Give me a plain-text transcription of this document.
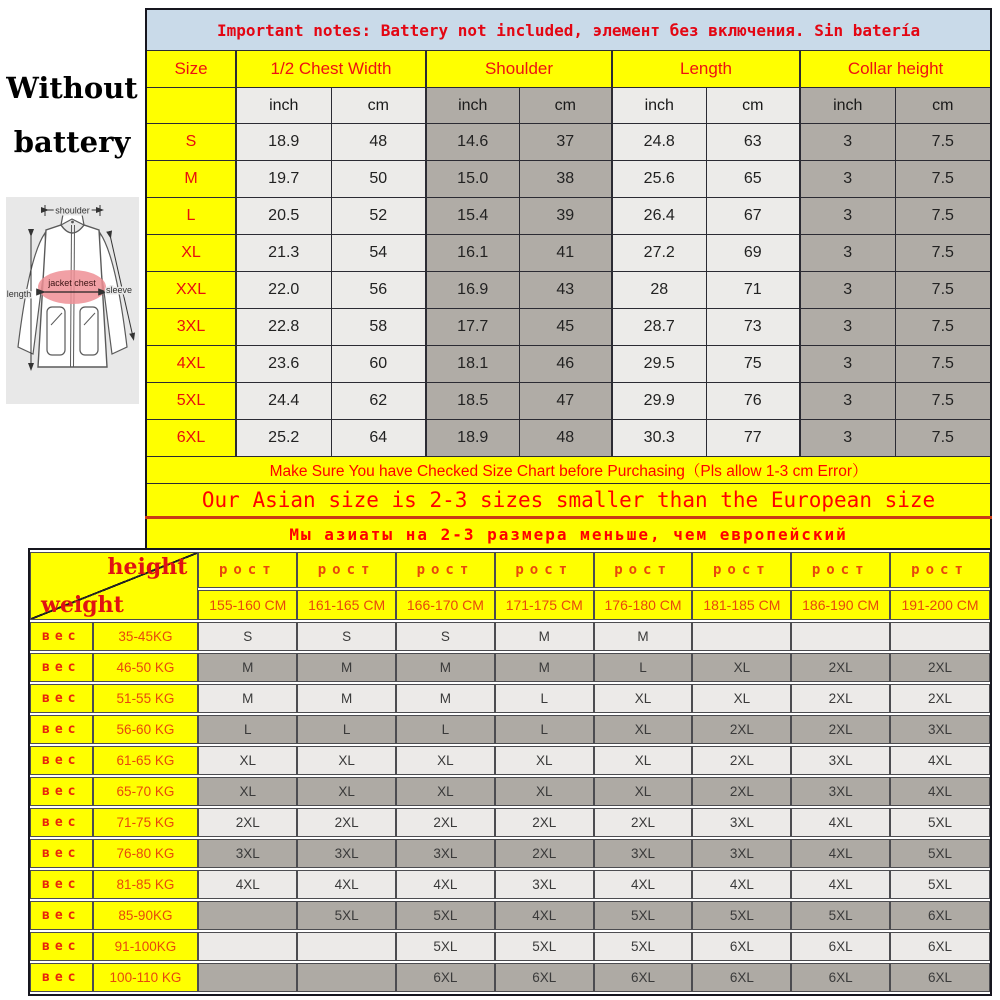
Without battery
jacket chest
shoulder
length	sleeve
Important notes: Battery not included, элемент без включения. Sin batería								
Size	1/2 Chest Width		Shoulder		Length		Collar height	
	inch	cm	inch	cm	inch	cm	inch	cm
S	18.9	48	14.6	37	24.8	63	3	7.5
M	19.7	50	15.0	38	25.6	65	3	7.5
L	20.5	52	15.4	39	26.4	67	3	7.5
XL	21.3	54	16.1	41	27.2	69	3	7.5
XXL	22.0	56	16.9	43	28	71	3	7.5
3XL	22.8	58	17.7	45	28.7	73	3	7.5
4XL	23.6	60	18.1	46	29.5	75	3	7.5
5XL	24.4	62	18.5	47	29.9	76	3	7.5
6XL	25.2	64	18.9	48	30.3	77	3	7.5
Make Sure You have Checked Size Chart before Purchasing（Pls allow 1-3 cm Error）								
Our Asian size is 2-3 sizes smaller than the European size								
Мы азиаты на 2-3 размера меньше, чем европейский								
height
weight		рост	рост	рост	рост	рост	рост	рост	рост
		155-160 CM	161-165 CM	166-170 CM	171-175 CM	176-180 CM	181-185 CM	186-190 CM	191-200 CM
вес	35-45KG	S	S	S	M	M			
вес	46-50 KG	M	M	M	M	L	XL	2XL	2XL
вес	51-55 KG	M	M	M	L	XL	XL	2XL	2XL
вес	56-60 KG	L	L	L	L	XL	2XL	2XL	3XL
вес	61-65 KG	XL	XL	XL	XL	XL	2XL	3XL	4XL
вес	65-70 KG	XL	XL	XL	XL	XL	2XL	3XL	4XL
вес	71-75 KG	2XL	2XL	2XL	2XL	2XL	3XL	4XL	5XL
вес	76-80 KG	3XL	3XL	3XL	2XL	3XL	3XL	4XL	5XL
вес	81-85 KG	4XL	4XL	4XL	3XL	4XL	4XL	4XL	5XL
вес	85-90KG		5XL	5XL	4XL	5XL	5XL	5XL	6XL
вес	91-100KG			5XL	5XL	5XL	6XL	6XL	6XL
вес	100-110 KG			6XL	6XL	6XL	6XL	6XL	6XL
